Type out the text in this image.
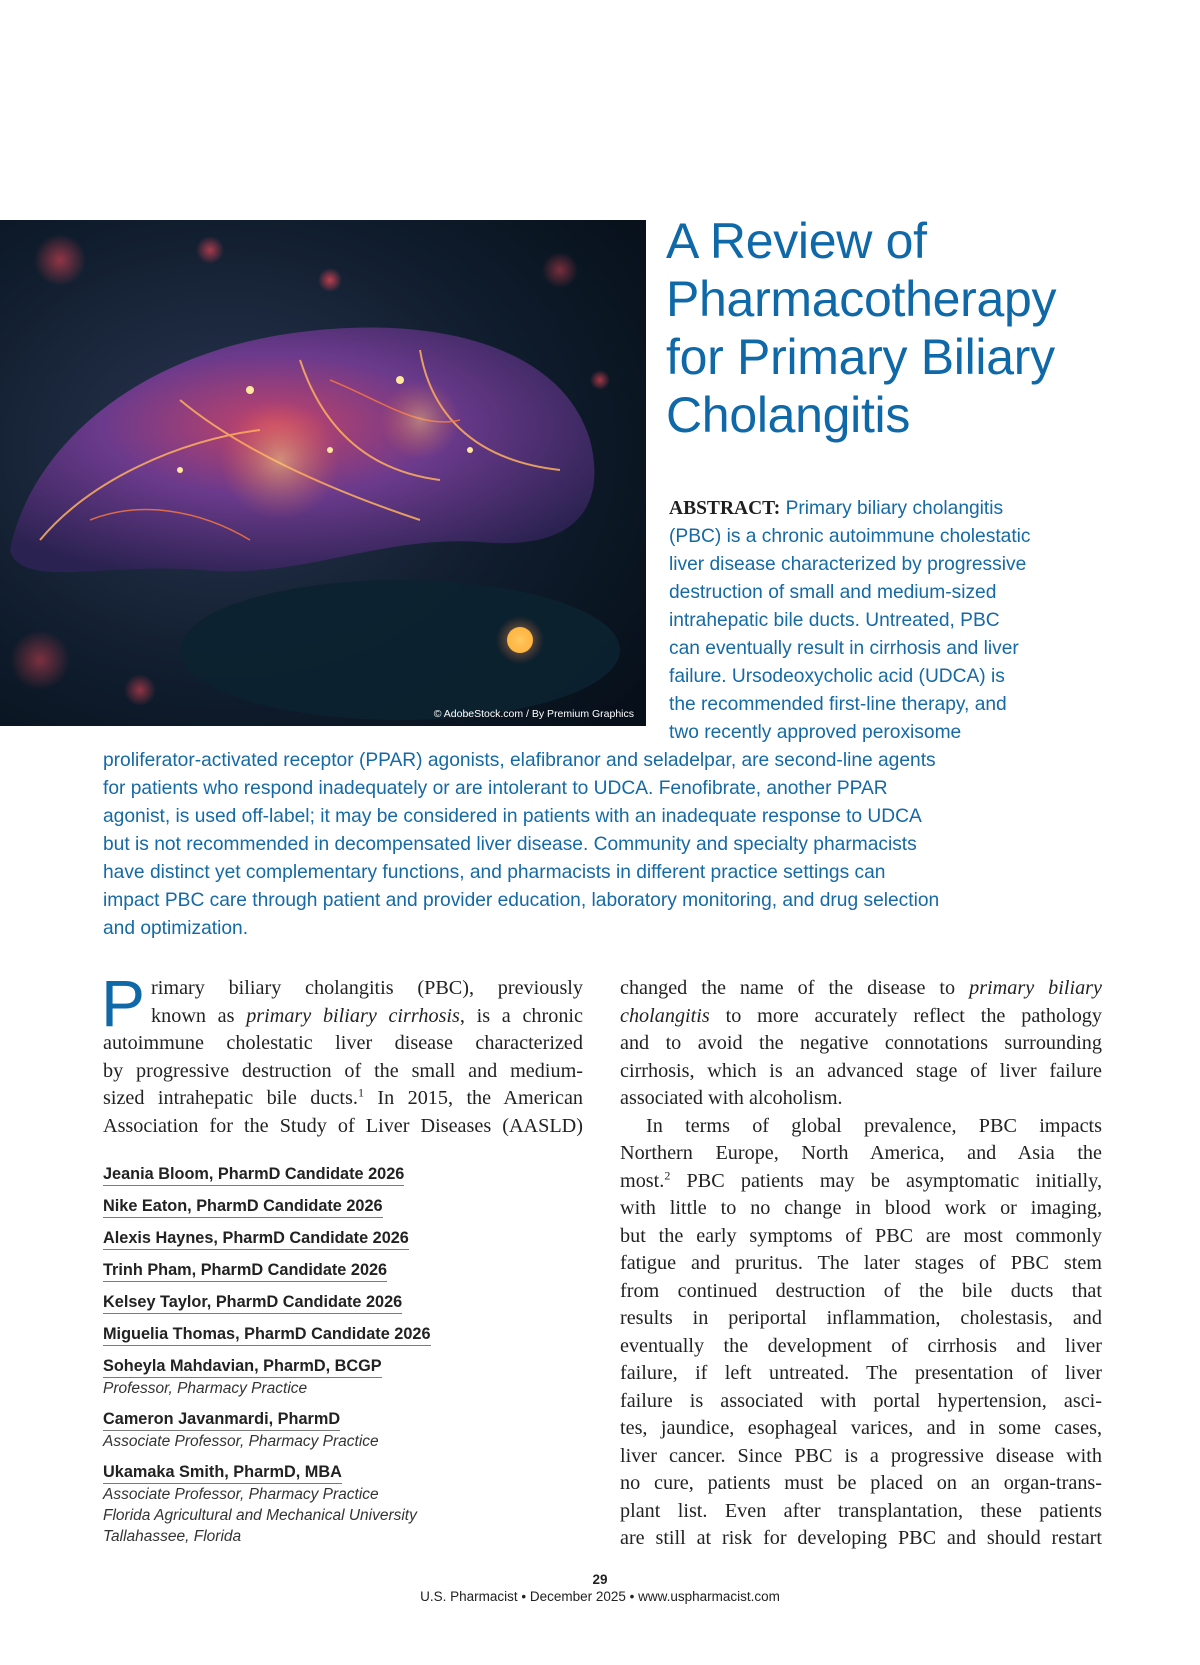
© AdobeStock.com / By Premium Graphics
A Review of
Pharmacotherapy
for Primary Biliary
Cholangitis
ABSTRACT: Primary biliary cholangitis
(PBC) is a chronic autoimmune cholestatic
liver disease characterized by progressive
destruction of small and medium-sized
intrahepatic bile ducts. Untreated, PBC
can eventually result in cirrhosis and liver
failure. Ursodeoxycholic acid (UDCA) is
the recommended first-line therapy, and
two recently approved peroxisome
proliferator-activated receptor (PPAR) agonists, elafibranor and seladelpar, are second-line agents
for patients who respond inadequately or are intolerant to UDCA. Fenofibrate, another PPAR
agonist, is used off-label; it may be considered in patients with an inadequate response to UDCA
but is not recommended in decompensated liver disease. Community and specialty pharmacists
have distinct yet complementary functions, and pharmacists in different practice settings can
impact PBC care through patient and provider education, laboratory monitoring, and drug selection
and optimization.

P rimary biliary cholangitis (PBC), previously
known as primary biliary cirrhosis, is a chronic
autoimmune cholestatic liver disease characterized
by progressive destruction of the small and medium-
sized intrahepatic bile ducts.$^1$ In 2015, the American
Association for the Study of Liver Diseases (AASLD)

Jeania Bloom, PharmD Candidate 2026
Nike Eaton, PharmD Candidate 2026
Alexis Haynes, PharmD Candidate 2026
Trinh Pham, PharmD Candidate 2026
Kelsey Taylor, PharmD Candidate 2026
Miguelia Thomas, PharmD Candidate 2026
Soheyla Mahdavian, PharmD, BCGP
Professor, Pharmacy Practice
Cameron Javanmardi, PharmD
Associate Professor, Pharmacy Practice
Ukamaka Smith, PharmD, MBA
Associate Professor, Pharmacy Practice
Florida Agricultural and Mechanical University
Tallahassee, Florida

changed the name of the disease to primary biliary
cholangitis to more accurately reflect the pathology
and to avoid the negative connotations surrounding
cirrhosis, which is an advanced stage of liver failure
associated with alcoholism.

In terms of global prevalence, PBC impacts
Northern Europe, North America, and Asia the
most.$^2$ PBC patients may be asymptomatic initially,
with little to no change in blood work or imaging,
but the early symptoms of PBC are most commonly
fatigue and pruritus. The later stages of PBC stem
from continued destruction of the bile ducts that
results in periportal inflammation, cholestasis, and
eventually the development of cirrhosis and liver
failure, if left untreated. The presentation of liver
failure is associated with portal hypertension, asci-
tes, jaundice, esophageal varices, and in some cases,
liver cancer. Since PBC is a progressive disease with
no cure, patients must be placed on an organ-trans-
plant list. Even after transplantation, these patients
are still at risk for developing PBC and should restart

29
U.S. Pharmacist • December 2025 • www.uspharmacist.com
